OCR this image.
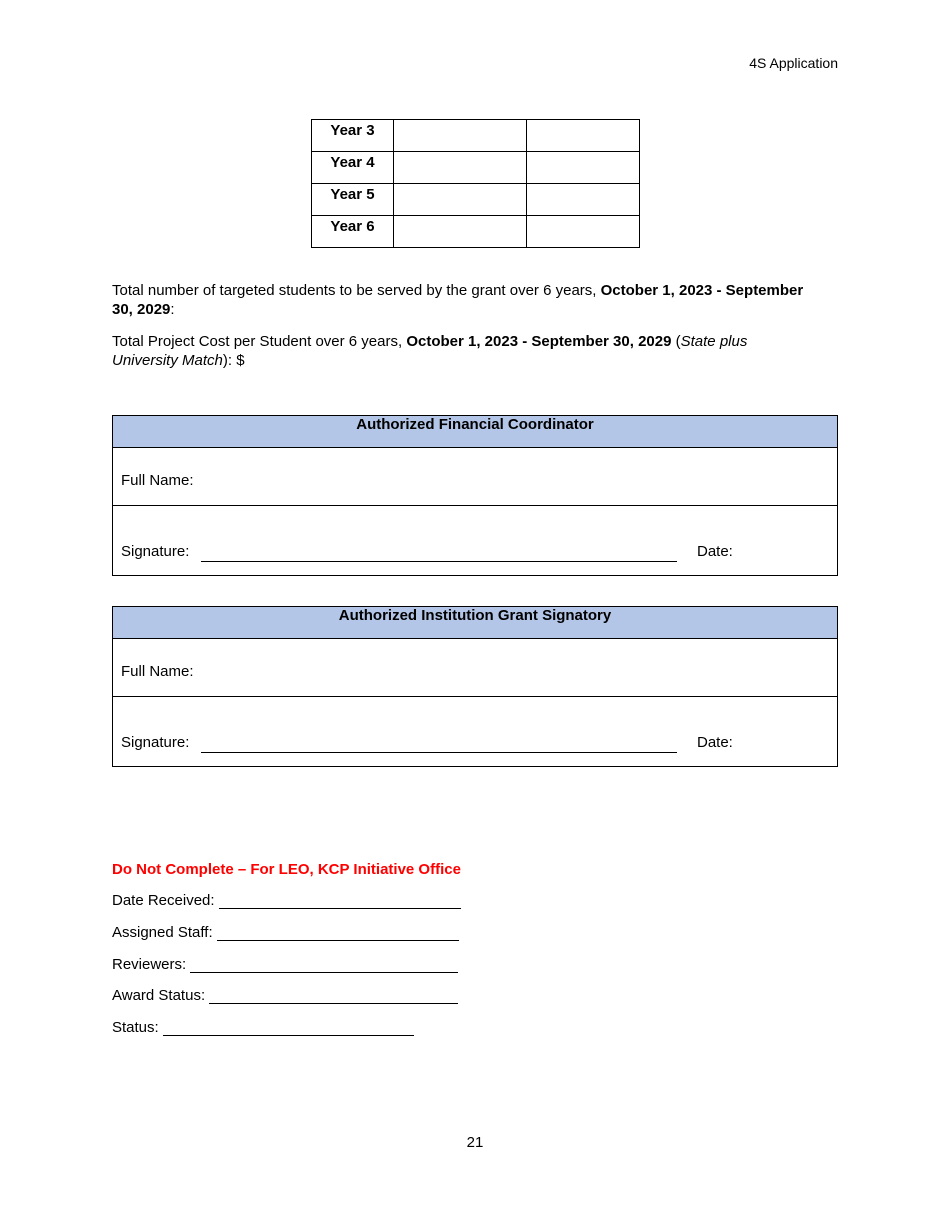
4S Application
Year 3		
Year 4		
Year 5		
Year 6		
Total number of targeted students to be served by the grant over 6 years, October 1, 2023 - September 30, 2029:
Total Project Cost per Student over 6 years, October 1, 2023 - September 30, 2029 (State plus University Match): $
Authorized Financial Coordinator
Full Name:
Signature:	Date:
Authorized Institution Grant Signatory
Full Name:
Signature:	Date:
Do Not Complete – For LEO, KCP Initiative Office
Date Received:
Assigned Staff:
Reviewers:
Award Status:
Status:
21
